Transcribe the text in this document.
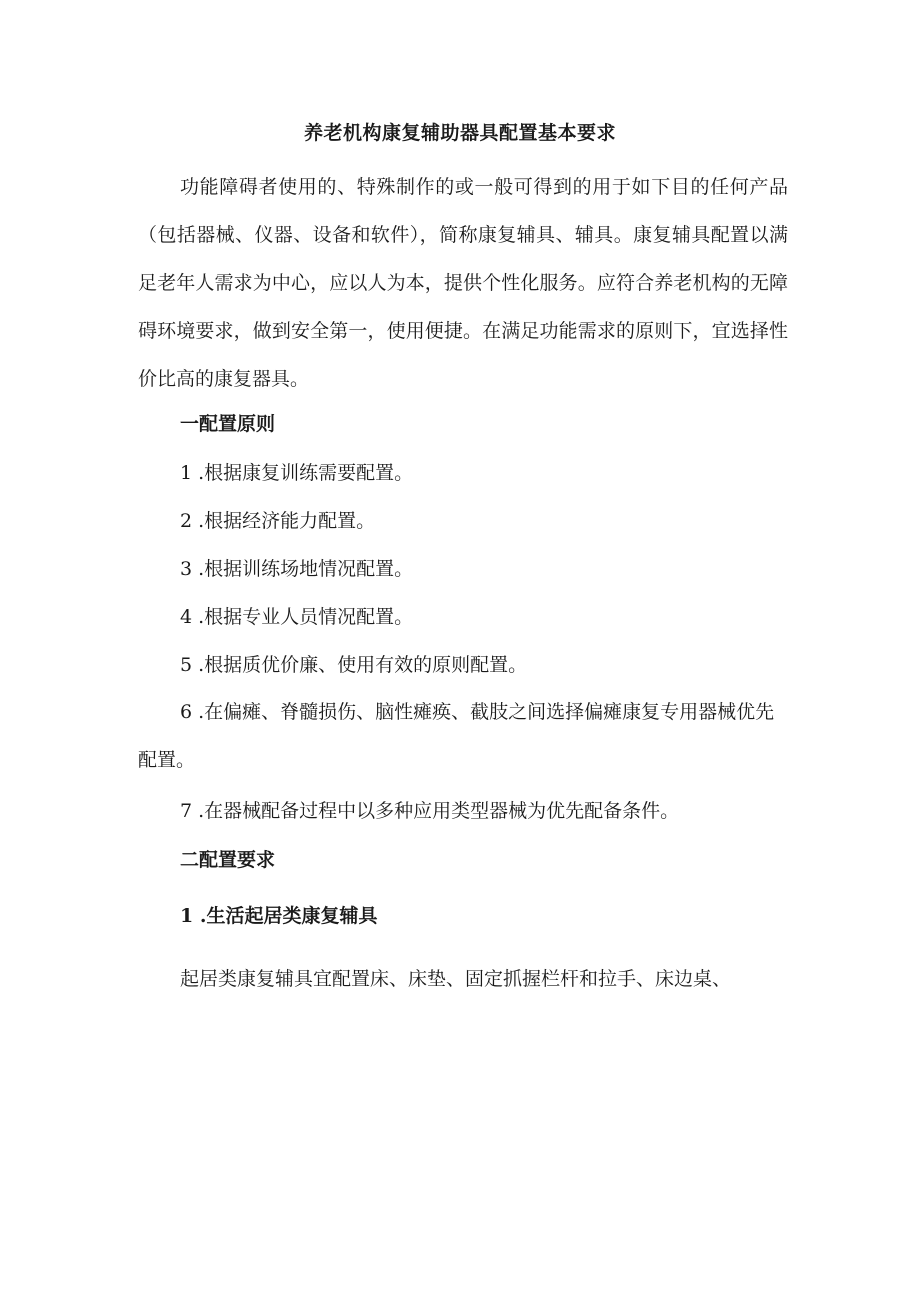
养老机构康复辅助器具配置基本要求
功能障碍者使用的、特殊制作的或一般可得到的用于如下目的任何产品（包括器械、仪器、设备和软件），简称康复辅具、辅具。康复辅具配置以满足老年人需求为中心，应以人为本，提供个性化服务。应符合养老机构的无障碍环境要求，做到安全第一，使用便捷。在满足功能需求的原则下，宜选择性价比高的康复器具。
一配置原则
1 .根据康复训练需要配置。
2 .根据经济能力配置。
3 .根据训练场地情况配置。
4 .根据专业人员情况配置。
5 .根据质优价廉、使用有效的原则配置。
6 .在偏瘫、脊髓损伤、脑性瘫痪、截肢之间选择偏瘫康复专用器械优先配置。
7 .在器械配备过程中以多种应用类型器械为优先配备条件。
二配置要求
1 .生活起居类康复辅具
起居类康复辅具宜配置床、床垫、固定抓握栏杆和拉手、床边桌、
